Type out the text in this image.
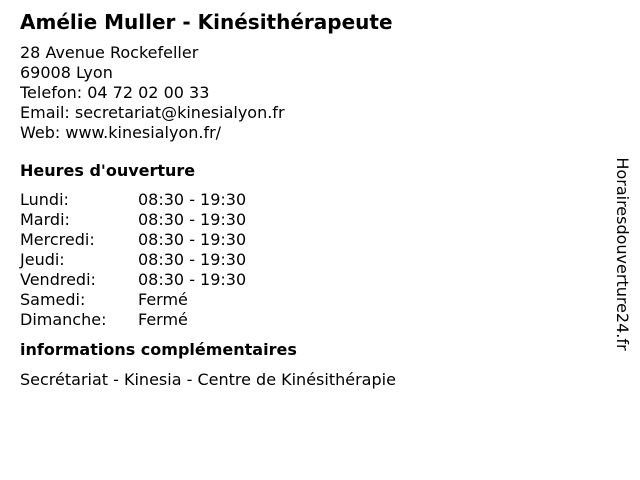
Amélie Muller - Kinésithérapeute
28 Avenue Rockefeller
69008 Lyon
Telefon: 04 72 02 00 33
Email: secretariat@kinesialyon.fr
Web: www.kinesialyon.fr/
Heures d'ouverture
Lundi:	08:30 - 19:30
Mardi:	08:30 - 19:30
Mercredi:	08:30 - 19:30
Jeudi:	08:30 - 19:30
Vendredi:	08:30 - 19:30
Samedi:	Fermé
Dimanche:	Fermé
informations complémentaires
Secrétariat - Kinesia - Centre de Kinésithérapie
Horairesdouverture24.fr
